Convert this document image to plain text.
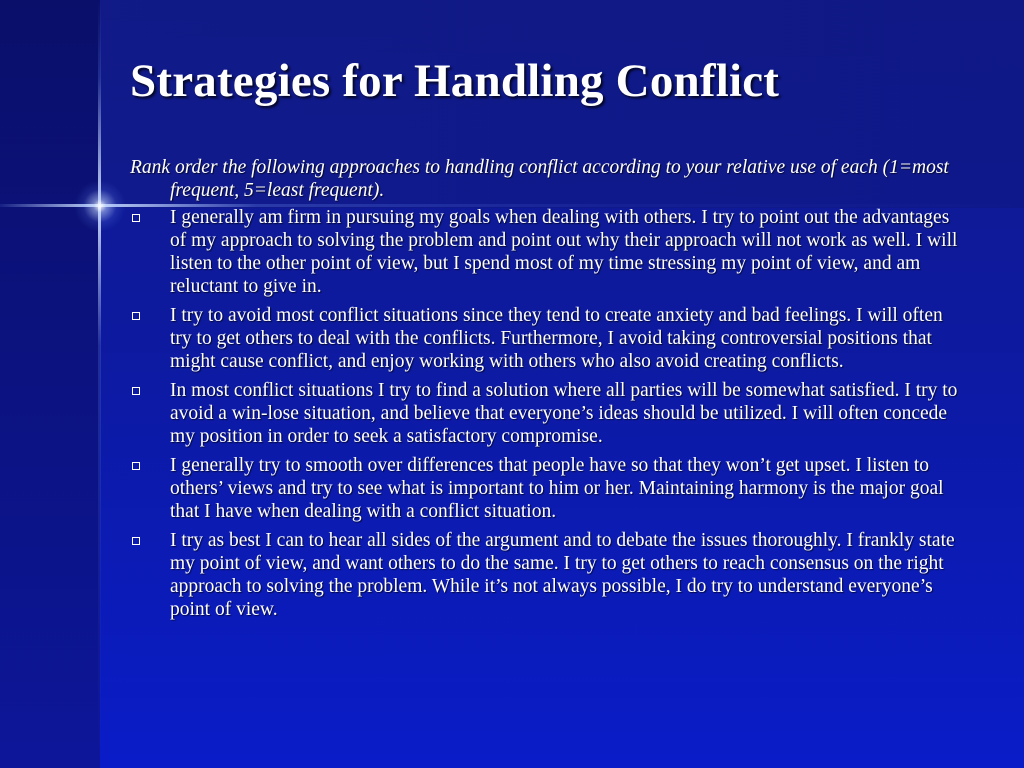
Strategies for Handling Conflict

Rank order the following approaches to handling conflict according to your relative use of each (1=most frequent, 5=least frequent).

I generally am firm in pursuing my goals when dealing with others. I try to point out the advantages of my approach to solving the problem and point out why their approach will not work as well. I will listen to the other point of view, but I spend most of my time stressing my point of view, and am reluctant to give in.
I try to avoid most conflict situations since they tend to create anxiety and bad feelings. I will often try to get others to deal with the conflicts. Furthermore, I avoid taking controversial positions that might cause conflict, and enjoy working with others who also avoid creating conflicts.
In most conflict situations I try to find a solution where all parties will be somewhat satisfied. I try to avoid a win-lose situation, and believe that everyone’s ideas should be utilized. I will often concede my position in order to seek a satisfactory compromise.
I generally try to smooth over differences that people have so that they won’t get upset. I listen to others’ views and try to see what is important to him or her. Maintaining harmony is the major goal that I have when dealing with a conflict situation.
I try as best I can to hear all sides of the argument and to debate the issues thoroughly. I frankly state my point of view, and want others to do the same. I try to get others to reach consensus on the right approach to solving the problem. While it’s not always possible, I do try to understand everyone’s point of view.
